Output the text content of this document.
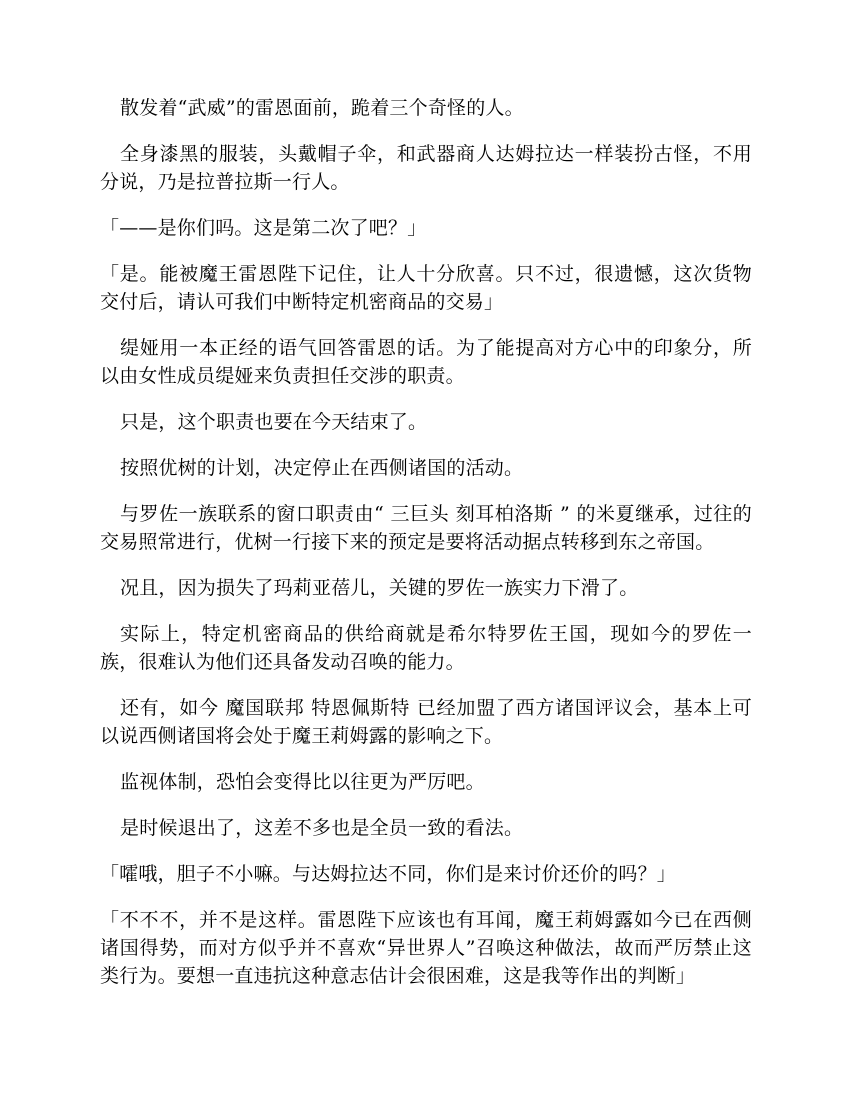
散发着“武威”的雷恩面前，跪着三个奇怪的人。

全身漆黑的服装，头戴帽子伞，和武器商人达姆拉达一样装扮古怪，不用分说，乃是拉普拉斯一行人。

「——是你们吗。这是第二次了吧？」

「是。能被魔王雷恩陛下记住，让人十分欣喜。只不过，很遗憾，这次货物交付后，请认可我们中断特定机密商品的交易」

缇娅用一本正经的语气回答雷恩的话。为了能提高对方心中的印象分，所以由女性成员缇娅来负责担任交涉的职责。

只是，这个职责也要在今天结束了。

按照优树的计划，决定停止在西侧诸国的活动。

与罗佐一族联系的窗口职责由“ 三巨头 刻耳柏洛斯 ” 的米夏继承，过往的交易照常进行，优树一行接下来的预定是要将活动据点转移到东之帝国。

况且，因为损失了玛莉亚蓓儿，关键的罗佐一族实力下滑了。

实际上，特定机密商品的供给商就是希尔特罗佐王国，现如今的罗佐一族，很难认为他们还具备发动召唤的能力。

还有，如今 魔国联邦 特恩佩斯特 已经加盟了西方诸国评议会，基本上可以说西侧诸国将会处于魔王莉姆露的影响之下。

监视体制，恐怕会变得比以往更为严厉吧。

是时候退出了，这差不多也是全员一致的看法。

「嚯哦，胆子不小嘛。与达姆拉达不同，你们是来讨价还价的吗？」

「不不不，并不是这样。雷恩陛下应该也有耳闻，魔王莉姆露如今已在西侧诸国得势，而对方似乎并不喜欢“异世界人”召唤这种做法，故而严厉禁止这类行为。要想一直违抗这种意志估计会很困难，这是我等作出的判断」
